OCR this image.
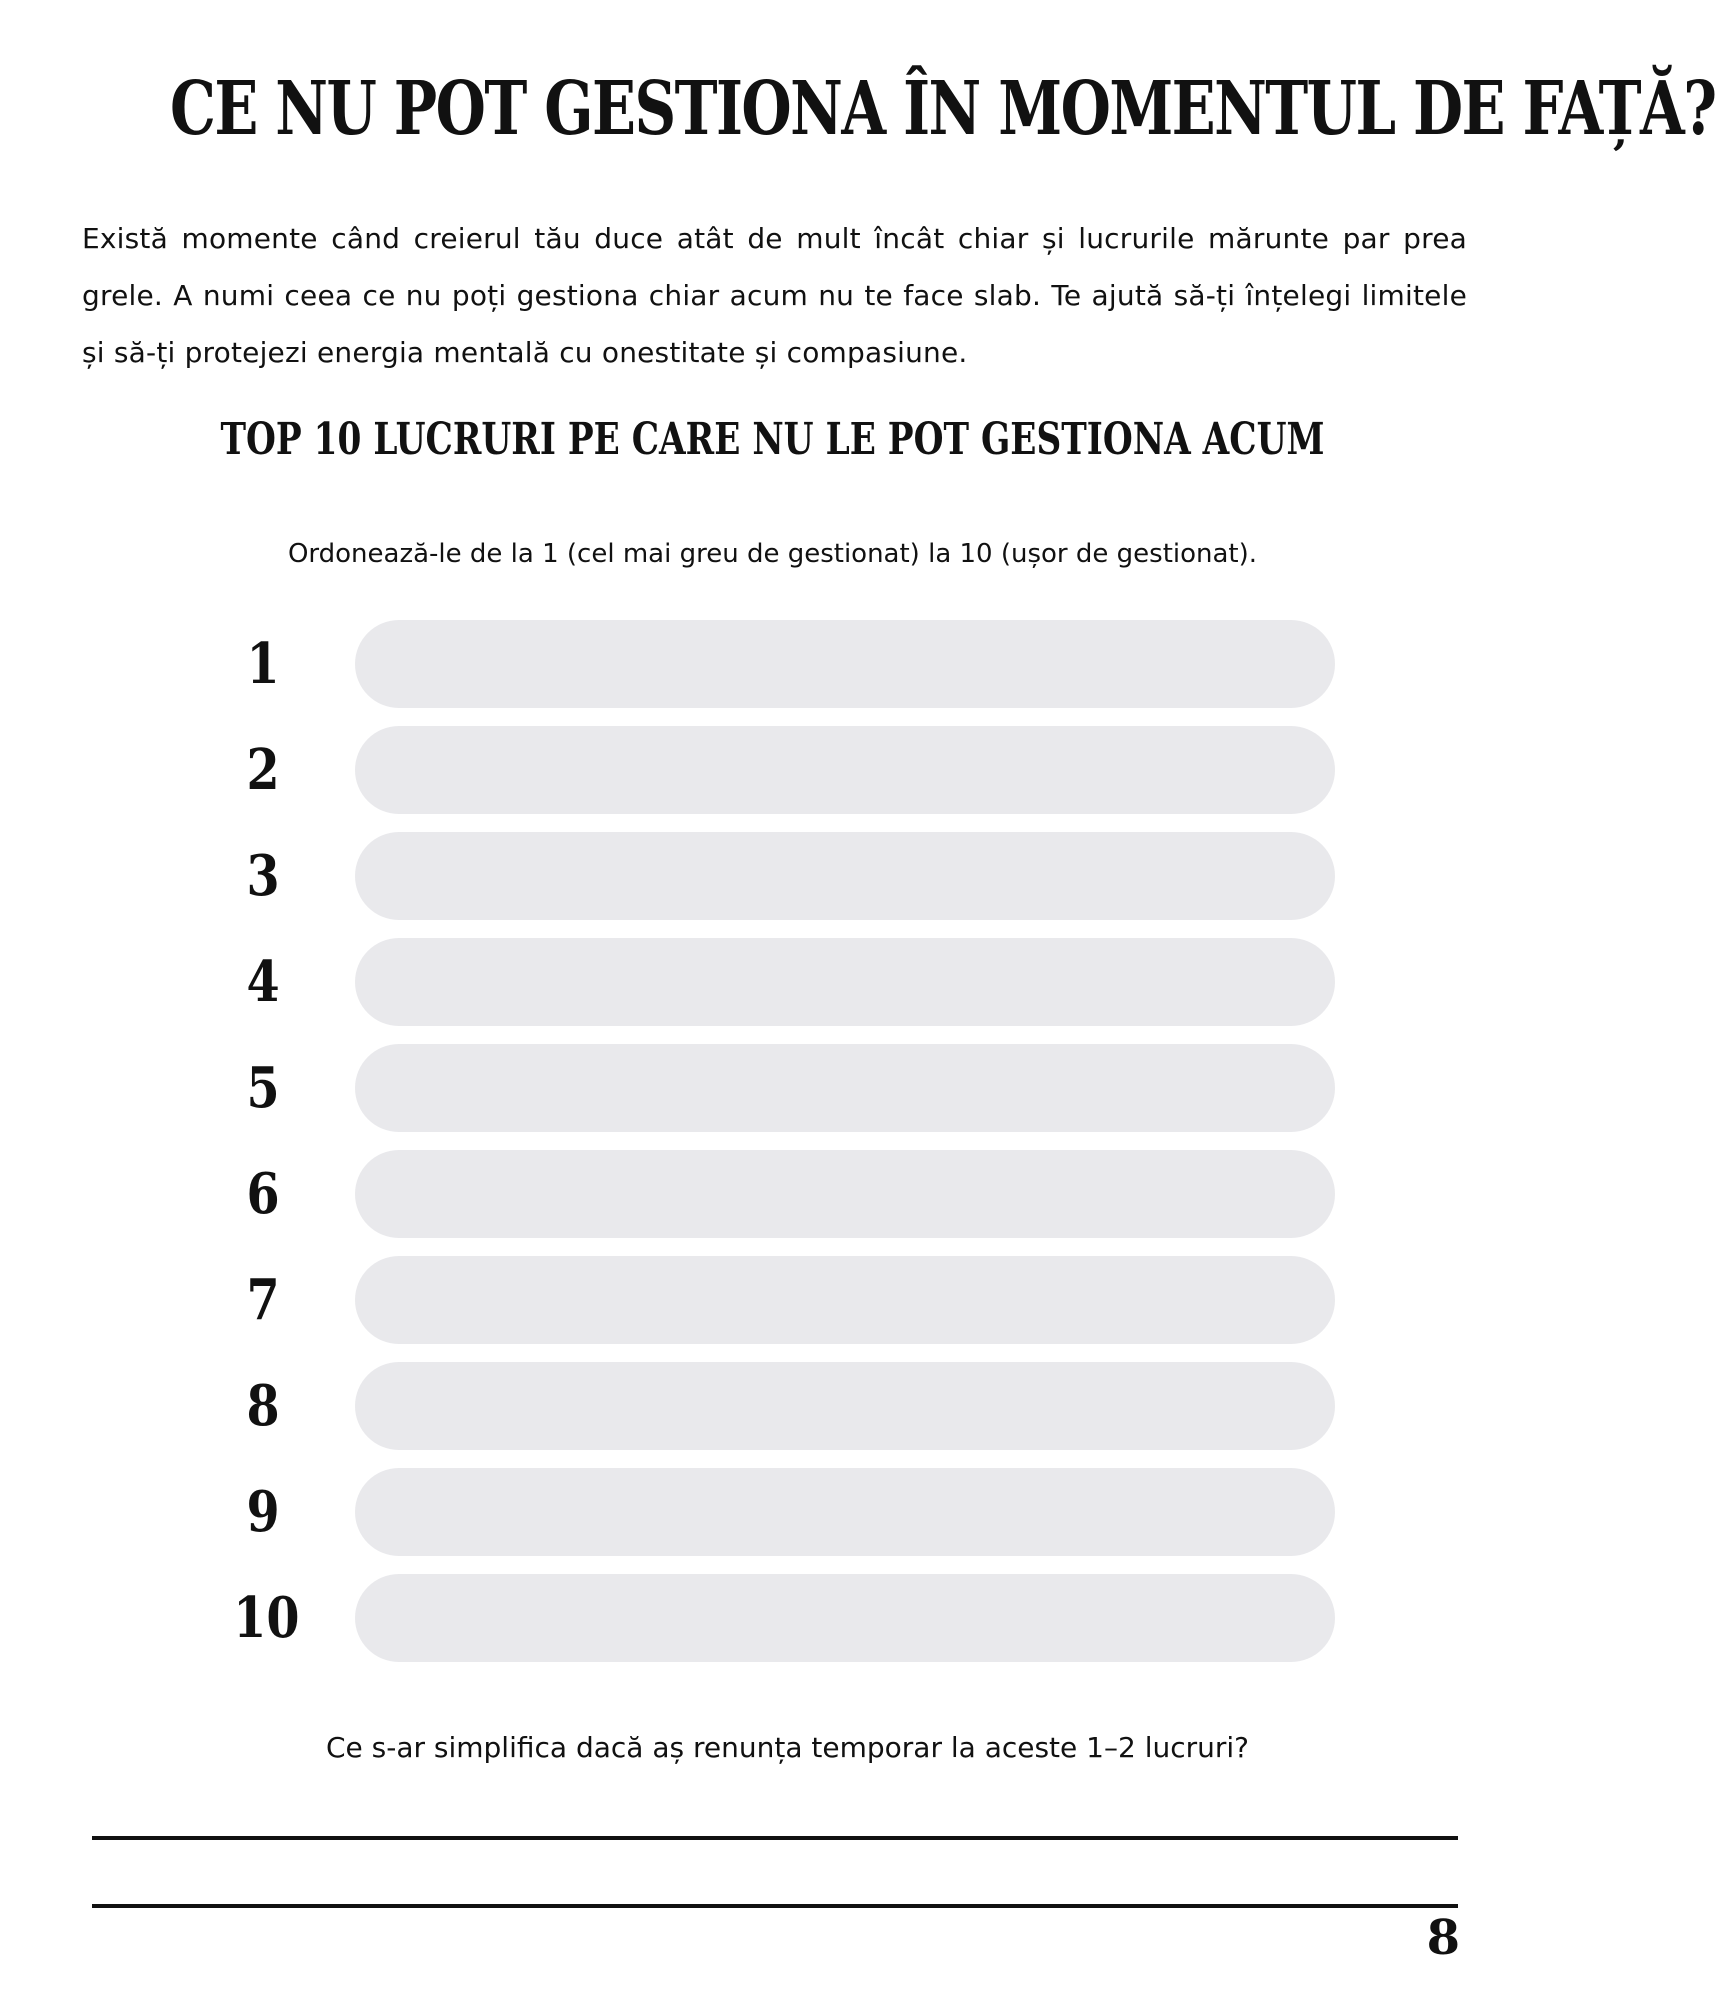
CE NU POT GESTIONA ÎN MOMENTUL DE FAȚĂ?

Există momente când creierul tău duce atât de mult încât chiar și lucrurile mărunte par prea grele. A numi ceea ce nu poți gestiona chiar acum nu te face slab. Te ajută să-ți înțelegi limitele și să-ți protejezi energia mentală cu onestitate și compasiune.

TOP 10 LUCRURI PE CARE NU LE POT GESTIONA ACUM

Ordonează-le de la 1 (cel mai greu de gestionat) la 10 (ușor de gestionat).

1
2
3
4
5
6
7
8
9
10

Ce s-ar simplifica dacă aș renunța temporar la aceste 1–2 lucruri?

8
